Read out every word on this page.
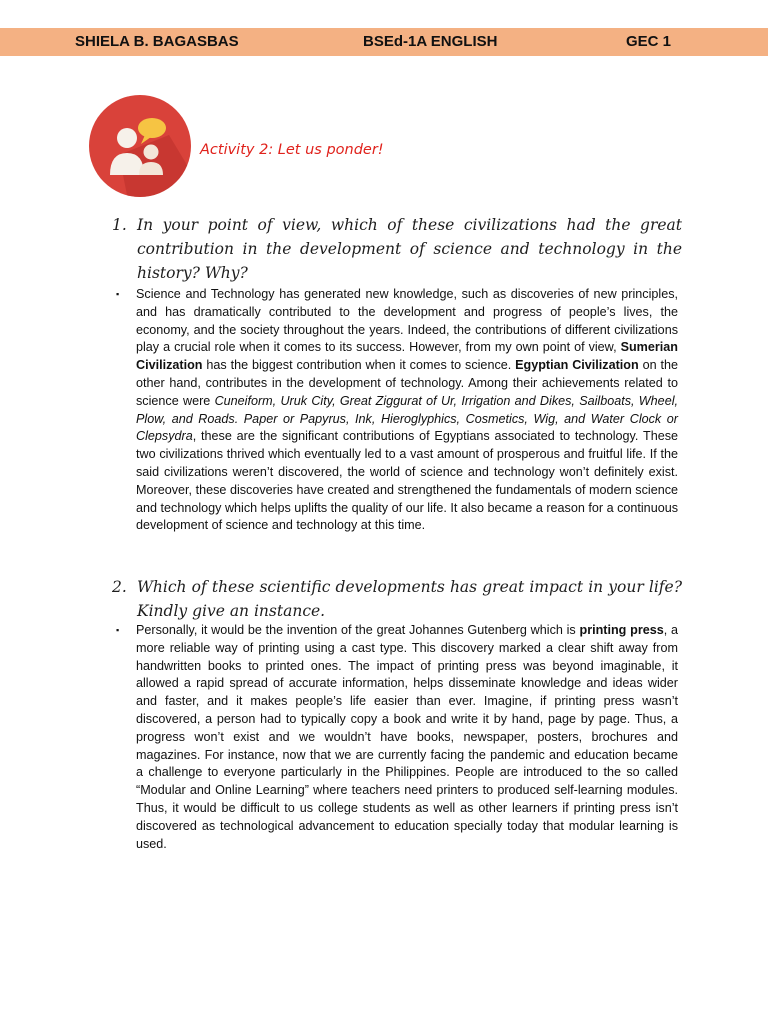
SHIELA B. BAGASBAS	BSEd-1A ENGLISH	GEC 1
Activity 2: Let us ponder!
1. In your point of view, which of these civilizations had the great contribution in the development of science and technology in the history? Why?
▪	Science and Technology has generated new knowledge, such as discoveries of new principles, and has dramatically contributed to the development and progress of people’s lives, the economy, and the society throughout the years. Indeed, the contributions of different civilizations play a crucial role when it comes to its success. However, from my own point of view, Sumerian Civilization has the biggest contribution when it comes to science. Egyptian Civilization on the other hand, contributes in the development of technology. Among their achievements related to science were Cuneiform, Uruk City, Great Ziggurat of Ur, Irrigation and Dikes, Sailboats, Wheel, Plow, and Roads. Paper or Papyrus, Ink, Hieroglyphics, Cosmetics, Wig, and Water Clock or Clepsydra, these are the significant contributions of Egyptians associated to technology. These two civilizations thrived which eventually led to a vast amount of prosperous and fruitful life. If the said civilizations weren’t discovered, the world of science and technology won’t definitely exist. Moreover, these discoveries have created and strengthened the fundamentals of modern science and technology which helps uplifts the quality of our life. It also became a reason for a continuous development of science and technology at this time.
2. Which of these scientific developments has great impact in your life? Kindly give an instance.
▪	Personally, it would be the invention of the great Johannes Gutenberg which is printing press, a more reliable way of printing using a cast type. This discovery marked a clear shift away from handwritten books to printed ones. The impact of printing press was beyond imaginable, it allowed a rapid spread of accurate information, helps disseminate knowledge and ideas wider and faster, and it makes people’s life easier than ever. Imagine, if printing press wasn’t discovered, a person had to typically copy a book and write it by hand, page by page. Thus, a progress won’t exist and we wouldn’t have books, newspaper, posters, brochures and magazines. For instance, now that we are currently facing the pandemic and education became a challenge to everyone particularly in the Philippines. People are introduced to the so called “Modular and Online Learning” where teachers need printers to produced self-learning modules. Thus, it would be difficult to us college students as well as other learners if printing press isn’t discovered as technological advancement to education specially today that modular learning is used.
